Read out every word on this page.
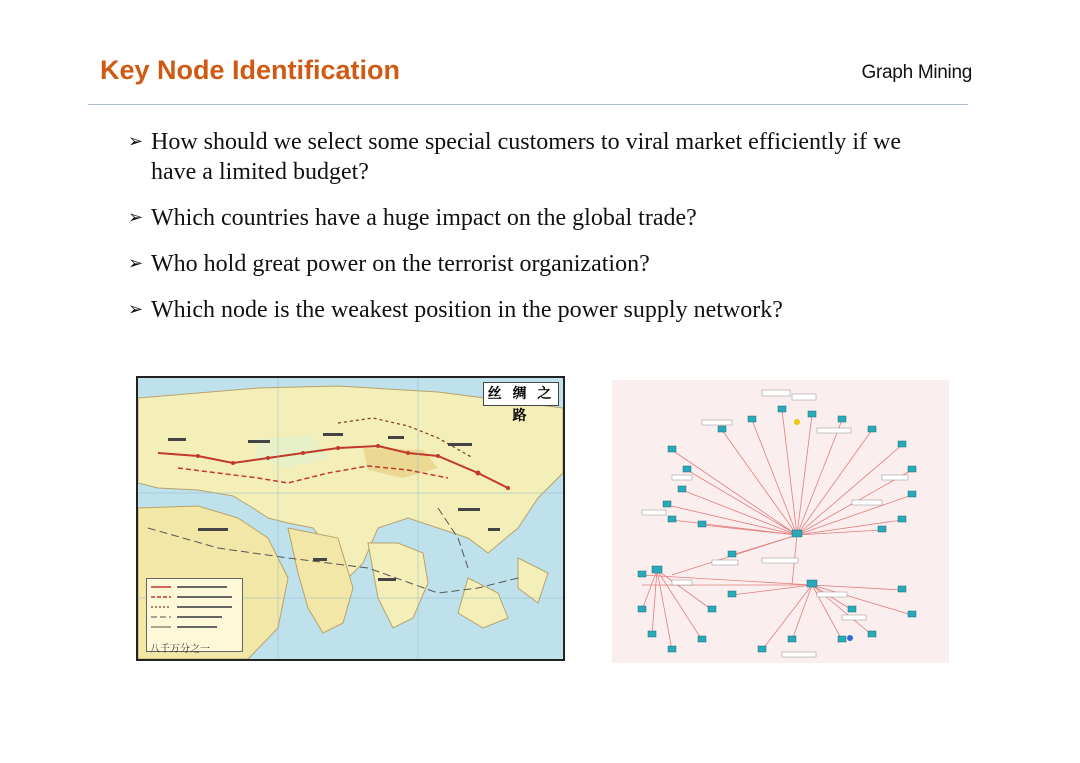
Key Node Identification	Graph Mining
➢ How should we select some special customers to viral market efficiently if we have a limited budget?
➢ Which countries have a huge impact on the global trade?
➢ Who hold great power on the terrorist organization?
➢ Which node is the weakest position in the power supply network?
丝 绸 之 路
八千万分之一
